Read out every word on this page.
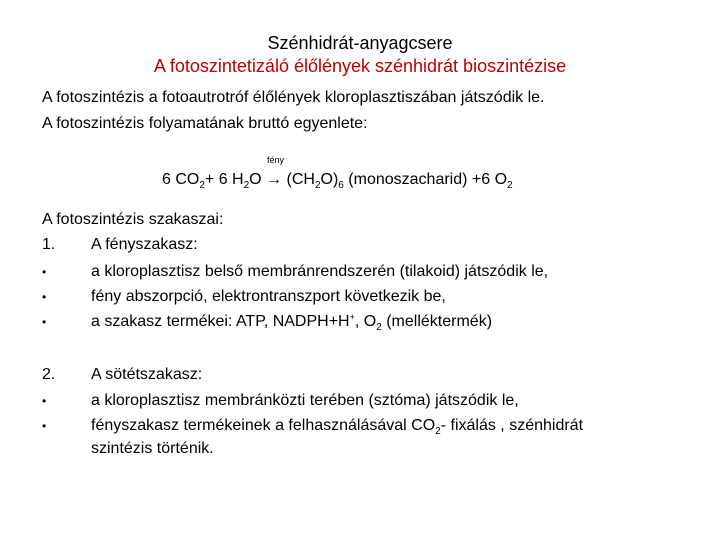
Szénhidrát-anyagcsere
A fotoszintetizáló élőlények szénhidrát bioszintézise
A fotoszintézis a fotoautrotróf élőlények kloroplasztiszában játszódik le.
A fotoszintézis folyamatának bruttó egyenlete:
6 $CO_2+ 6$ $H_2O$
fény
→ $(CH_2O)_6$ (monoszacharid) +6 $O_2$
A fotoszintézis szakaszai:
1. A fényszakasz:
•	a kloroplasztisz belső membránrendszerén (tilakoid) játszódik le,
•	fény abszorpció, elektrontranszport következik be,
•	a szakasz termékei: ATP, NADPH+H+, $O_2$ (melléktermék)
2. A sötétszakasz:
•	a kloroplasztisz membránközti terében (sztóma) játszódik le,
•	fényszakasz termékeinek a felhasználásával $CO_2-$ fixálás , szénhidrát
szintézis történik.
